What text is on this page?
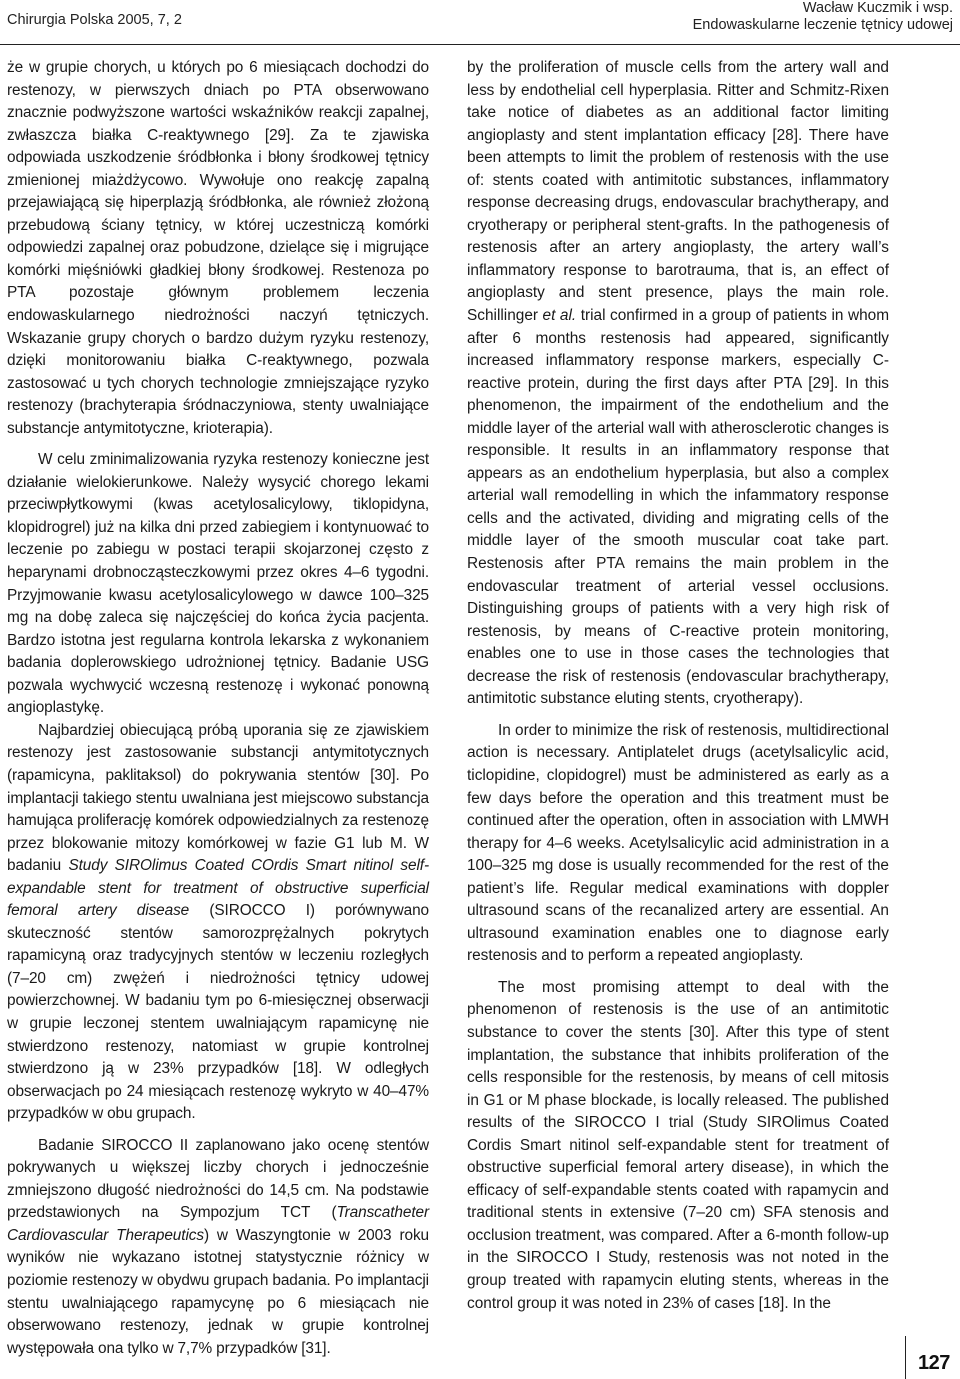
Chirurgia Polska 2005, 7, 2
Wacław Kuczmik i wsp.
Endowaskularne leczenie tętnicy udowej

że w grupie chorych, u których po 6 miesiącach dochodzi do restenozy, w pierwszych dniach po PTA obserwowano znacznie podwyższone wartości wskaźników reakcji zapalnej, zwłaszcza białka C-reaktywnego [29]. Za te zjawiska odpowiada uszkodzenie śródbłonka i błony środkowej tętnicy zmienionej miażdżycowo. Wywołuje ono reakcję zapalną przejawiającą się hiperplazją śródbłonka, ale również złożoną przebudową ściany tętnicy, w której uczestniczą komórki odpowiedzi zapalnej oraz pobudzone, dzielące się i migrujące komórki mięśniówki gładkiej błony środkowej. Restenoza po PTA pozostaje głównym problemem leczenia endowaskularnego niedrożności naczyń tętniczych. Wskazanie grupy chorych o bardzo dużym ryzyku restenozy, dzięki monitorowaniu białka C-reaktywnego, pozwala zastosować u tych chorych technologie zmniejszające ryzyko restenozy (brachyterapia śródnaczyniowa, stenty uwalniające substancje antymitotyczne, krioterapia).

W celu zminimalizowania ryzyka restenozy konieczne jest działanie wielokierunkowe. Należy wysycić chorego lekami przeciwpłytkowymi (kwas acetylosalicylowy, tiklopidyna, klopidrogrel) już na kilka dni przed zabiegiem i kontynuować to leczenie po zabiegu w postaci terapii skojarzonej często z heparynami drobnocząsteczkowymi przez okres 4–6 tygodni. Przyjmowanie kwasu acetylosalicylowego w dawce 100–325 mg na dobę zaleca się najczęściej do końca życia pacjenta. Bardzo istotna jest regularna kontrola lekarska z wykonaniem badania doplerowskiego udrożnionej tętnicy. Badanie USG pozwala wychwycić wczesną restenozę i wykonać ponowną angioplastykę.

Najbardziej obiecującą próbą uporania się ze zjawiskiem restenozy jest zastosowanie substancji antymitotycznych (rapamicyna, paklitaksol) do pokrywania stentów [30]. Po implantacji takiego stentu uwalniana jest miejscowo substancja hamująca proliferację komórek odpowiedzialnych za restenozę przez blokowanie mitozy komórkowej w fazie G1 lub M. W badaniu Study SIROlimus Coated COrdis Smart nitinol self-expandable stent for treatment of obstructive superficial femoral artery disease (SIROCCO I) porównywano skuteczność stentów samorozprężalnych pokrytych rapamicyną oraz tradycyjnych stentów w leczeniu rozległych (7–20 cm) zwężeń i niedrożności tętnicy udowej powierzchownej. W badaniu tym po 6-miesięcznej obserwacji w grupie leczonej stentem uwalniającym rapamicynę nie stwierdzono restenozy, natomiast w grupie kontrolnej stwierdzono ją w 23% przypadków [18]. W odległych obserwacjach po 24 miesiącach restenozę wykryto w 40–47% przypadków w obu grupach.

Badanie SIROCCO II zaplanowano jako ocenę stentów pokrywanych u większej liczby chorych i jednocześnie zmniejszono długość niedrożności do 14,5 cm. Na podstawie przedstawionych na Sympozjum TCT (Transcatheter Cardiovascular Therapeutics) w Waszyngtonie w 2003 roku wyników nie wykazano istotnej statystycznie różnicy w poziomie restenozy w obydwu grupach badania. Po implantacji stentu uwalniającego rapamycynę po 6 miesiącach nie obserwowano restenozy, jednak w grupie kontrolnej występowała ona tylko w 7,7% przypadków [31].

by the proliferation of muscle cells from the artery wall and less by endothelial cell hyperplasia. Ritter and Schmitz-Rixen take notice of diabetes as an additional factor limiting angioplasty and stent implantation efficacy [28]. There have been attempts to limit the problem of restenosis with the use of: stents coated with antimitotic substances, inflammatory response decreasing drugs, endovascular brachytherapy, and cryotherapy or peripheral stent-grafts. In the pathogenesis of restenosis after an artery angioplasty, the artery wall’s inflammatory response to barotrauma, that is, an effect of angioplasty and stent presence, plays the main role. Schillinger et al. trial confirmed in a group of patients in whom after 6 months restenosis had appeared, significantly increased inflammatory response markers, especially C-reactive protein, during the first days after PTA [29]. In this phenomenon, the impairment of the endothelium and the middle layer of the arterial wall with atherosclerotic changes is responsible. It results in an inflammatory response that appears as an endothelium hyperplasia, but also a complex arterial wall remodelling in which the infammatory response cells and the activated, dividing and migrating cells of the middle layer of the smooth muscular coat take part. Restenosis after PTA remains the main problem in the endovascular treatment of arterial vessel occlusions. Distinguishing groups of patients with a very high risk of restenosis, by means of C-reactive protein monitoring, enables one to use in those cases the technologies that decrease the risk of restenosis (endovascular brachytherapy, antimitotic substance eluting stents, cryotherapy).

In order to minimize the risk of restenosis, multidirectional action is necessary. Antiplatelet drugs (acetylsalicylic acid, ticlopidine, clopidogrel) must be administered as early as a few days before the operation and this treatment must be continued after the operation, often in association with LMWH therapy for 4–6 weeks. Acetylsalicylic acid administration in a 100–325 mg dose is usually recommended for the rest of the patient’s life. Regular medical examinations with doppler ultrasound scans of the recanalized artery are essential. An ultrasound examination enables one to diagnose early restenosis and to perform a repeated angioplasty.

The most promising attempt to deal with the phenomenon of restenosis is the use of an antimitotic substance to cover the stents [30]. After this type of stent implantation, the substance that inhibits proliferation of the cells responsible for the restenosis, by means of cell mitosis in G1 or M phase blockade, is locally released. The published results of the SIROCCO I trial (Study SIROlimus Coated Cordis Smart nitinol self-expandable stent for treatment of obstructive superficial femoral artery disease), in which the efficacy of self-expandable stents coated with rapamycin and traditional stents in extensive (7–20 cm) SFA stenosis and occlusion treatment, was compared. After a 6-month follow-up in the SIROCCO I Study, restenosis was not noted in the group treated with rapamycin eluting stents, whereas in the control group it was noted in 23% of cases [18]. In the

127
